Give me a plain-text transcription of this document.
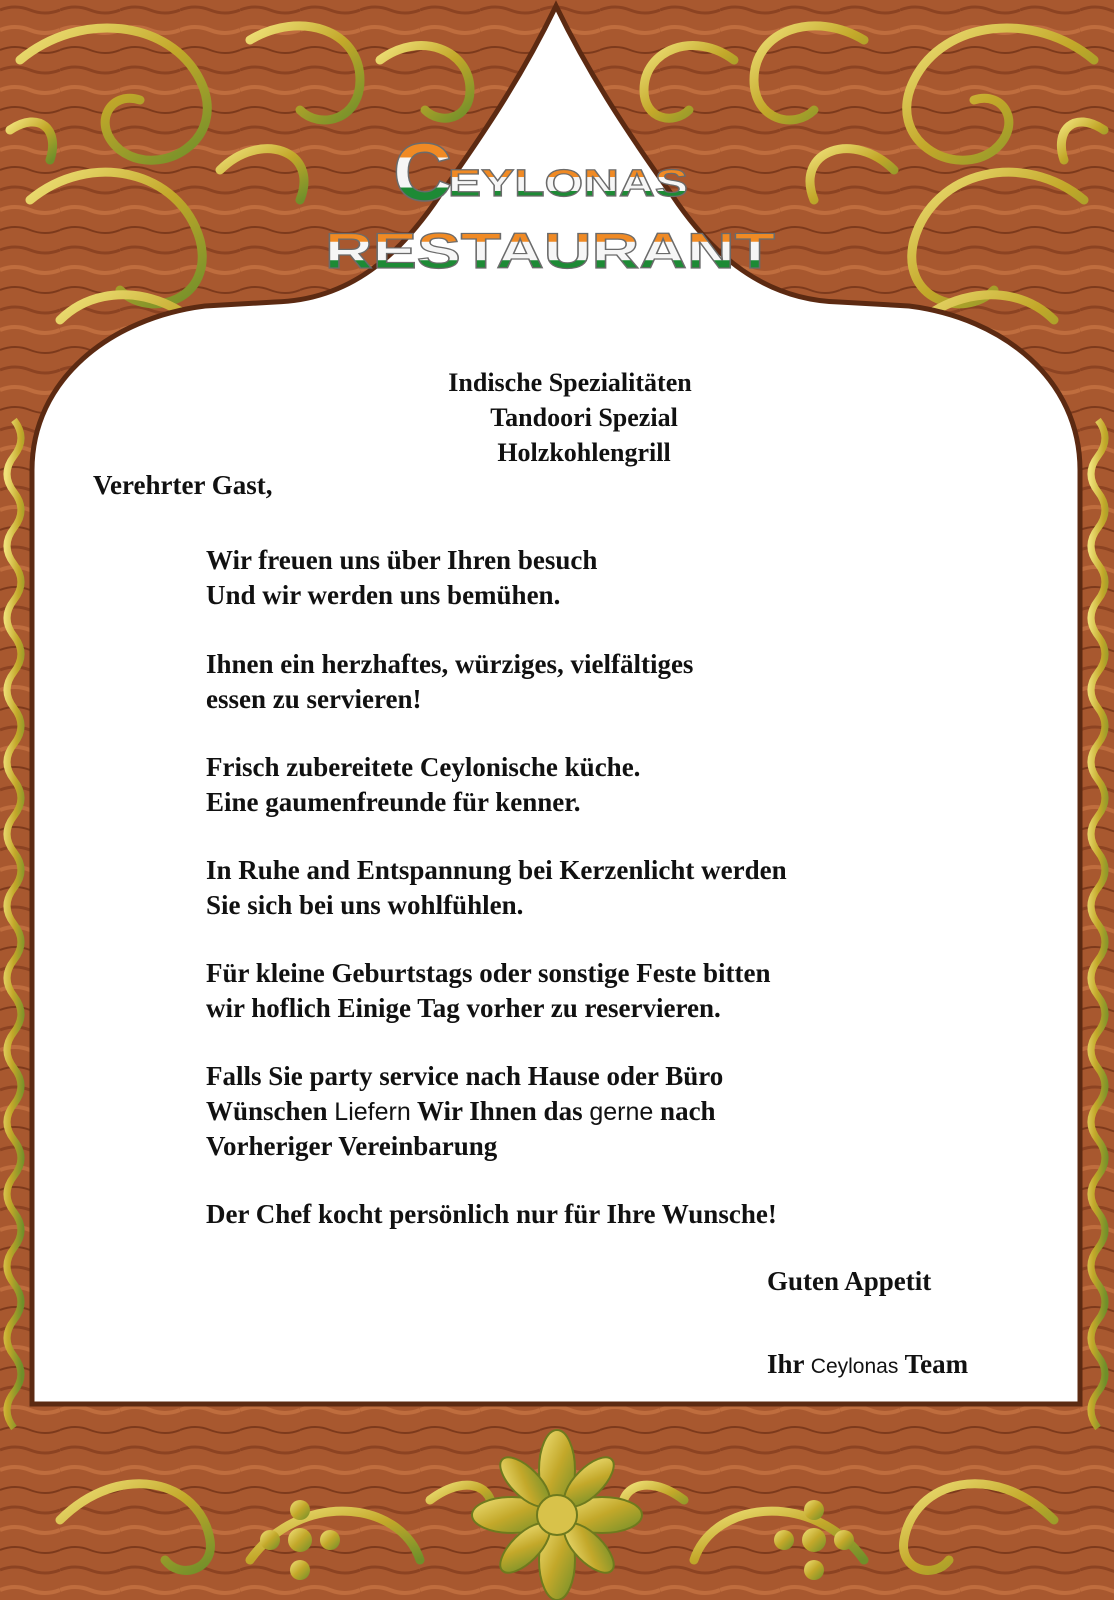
C
EYLONAS
RESTAURANT

Indische Spezialitäten

Tandoori Spezial

Holzkohlengrill

Verehrter Gast,

Wir freuen uns über Ihren besuch

Und wir werden uns bemühen.

Ihnen ein herzhaftes, würziges, vielfältiges

essen zu servieren!

Frisch zubereitete Ceylonische küche.

Eine gaumenfreunde für kenner.

In Ruhe and Entspannung bei Kerzenlicht werden

Sie sich bei uns wohlfühlen.

Für kleine Geburtstags oder sonstige Feste bitten

wir hoflich Einige Tag vorher zu reservieren.

Falls Sie party service nach Hause oder Büro

Wünschen Liefern Wir Ihnen das gerne nach

Vorheriger Vereinbarung

Der Chef kocht persönlich nur für Ihre Wunsche!

Guten Appetit

Ihr Ceylonas Team
